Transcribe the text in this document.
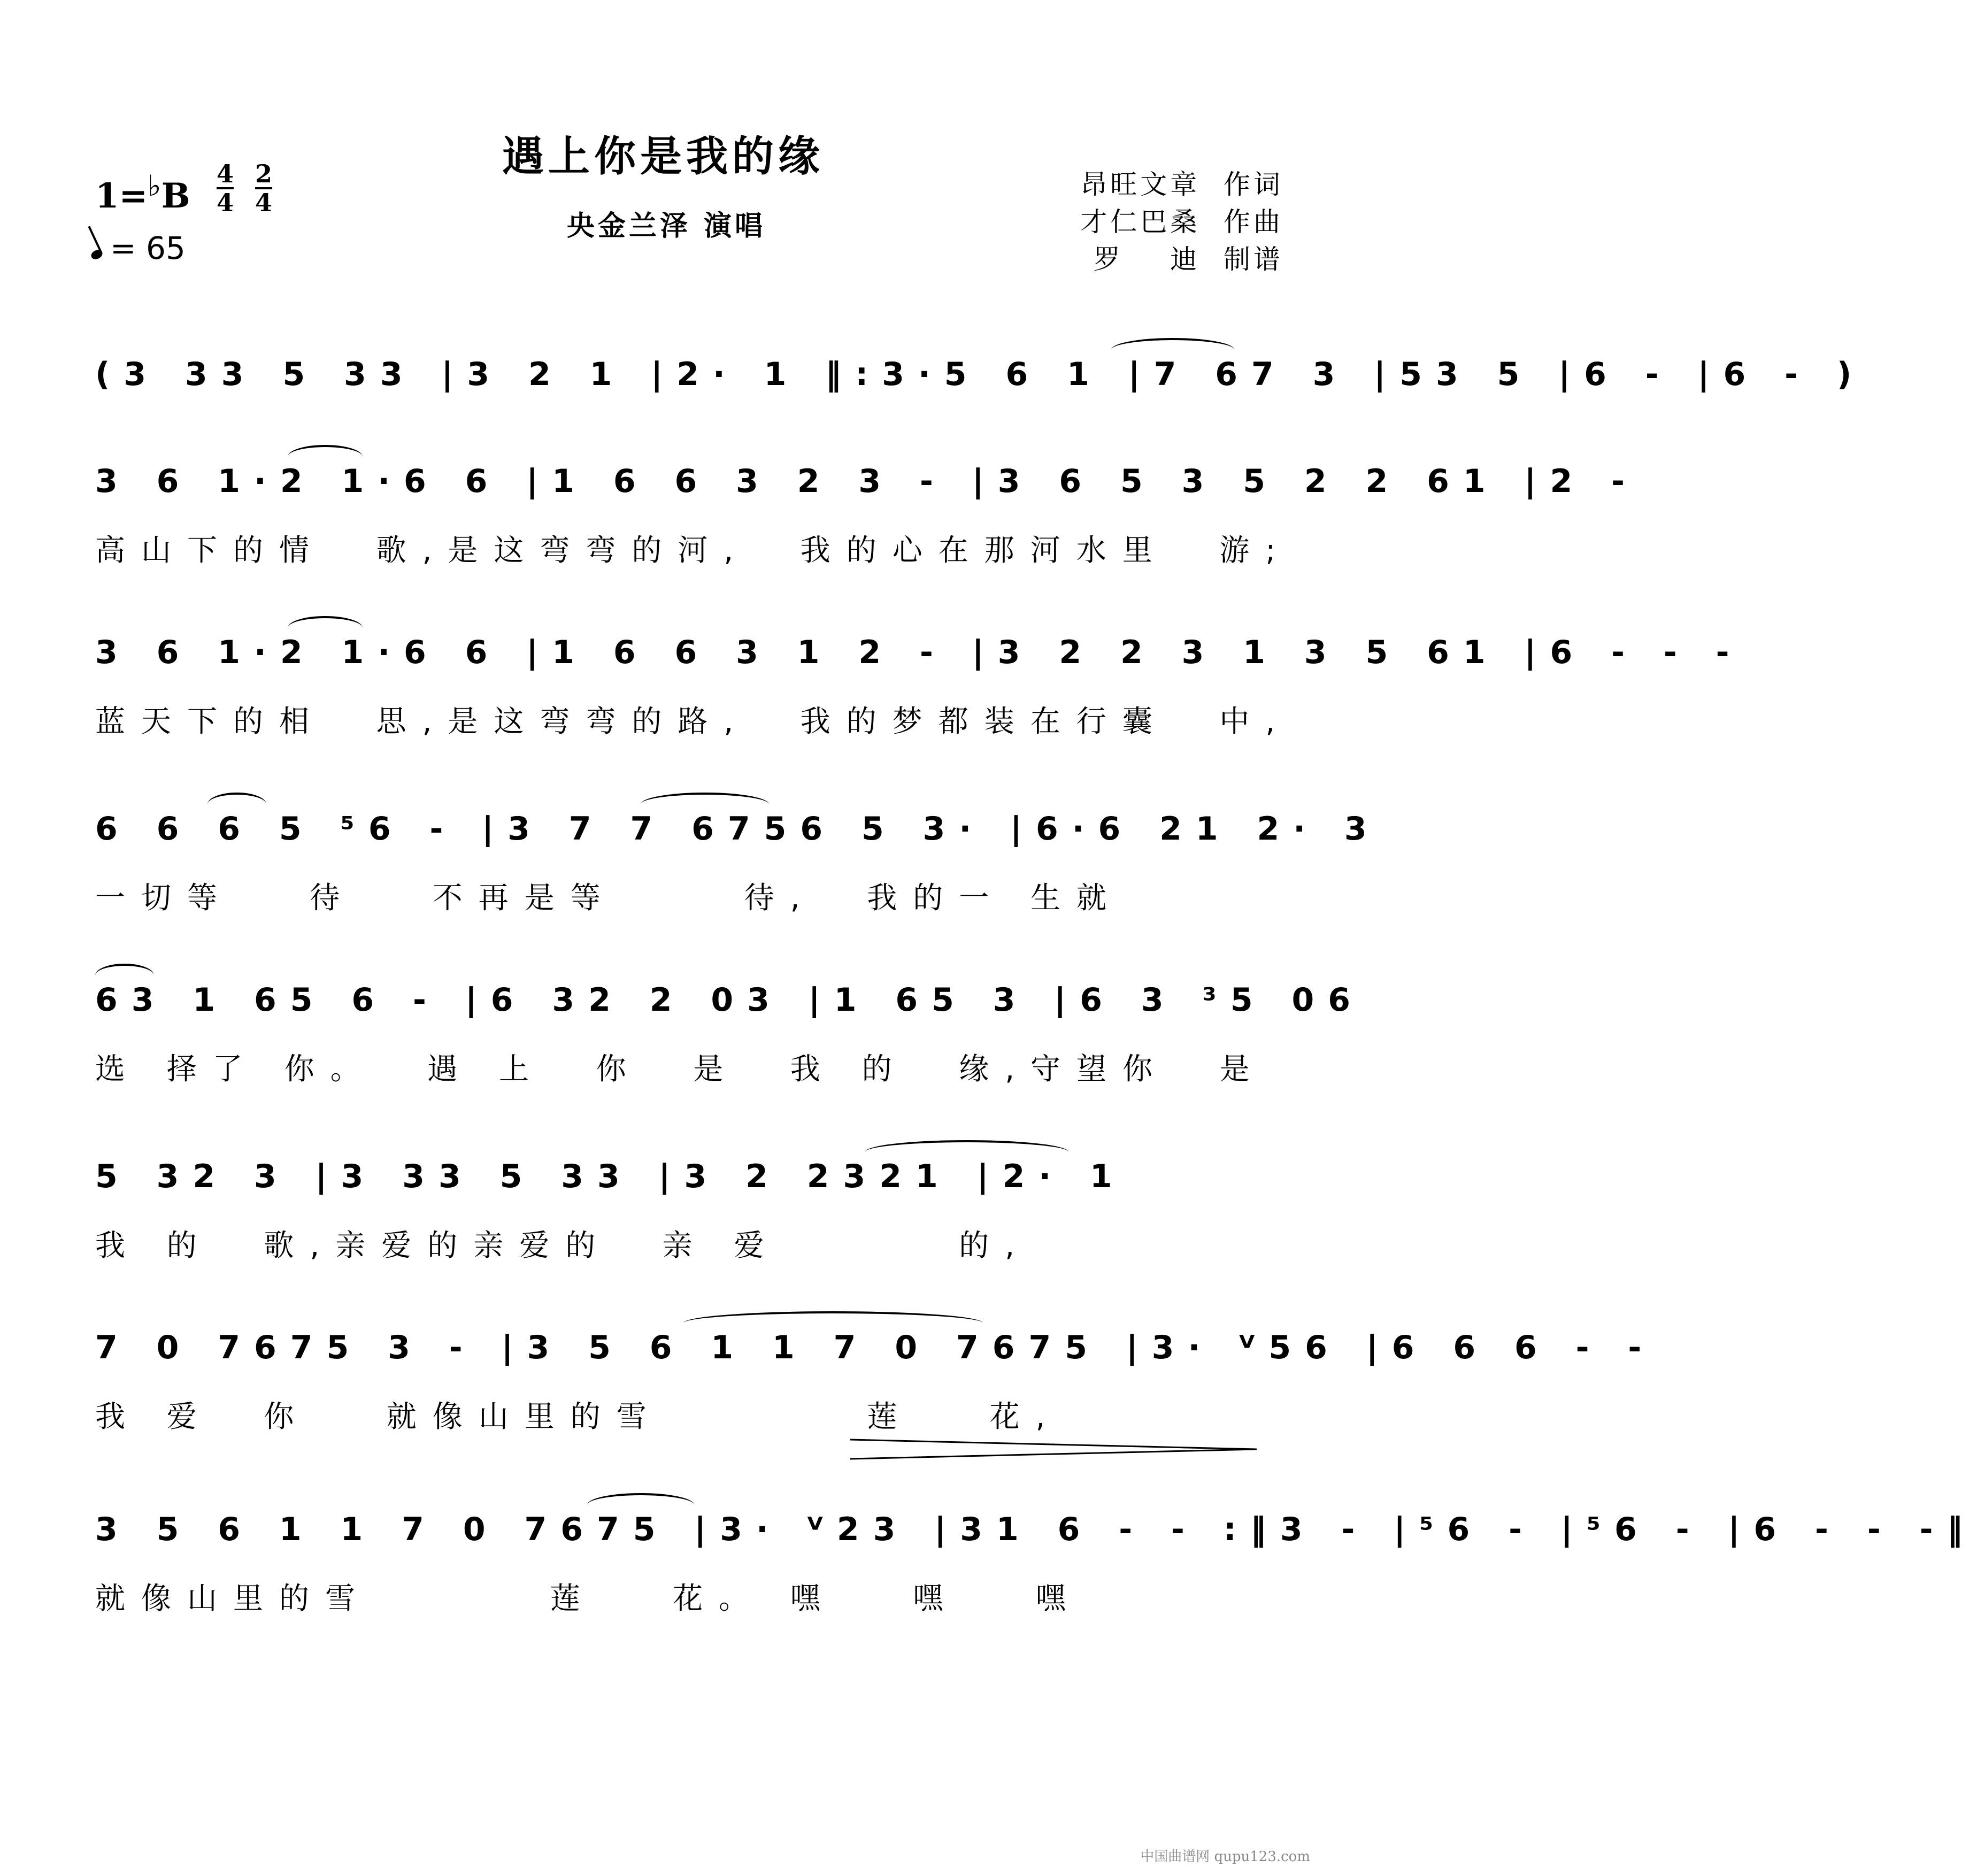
遇上你是我的缘
央金兰泽 演唱
昂旺文章  作词
才仁巴桑  作曲
罗    迪  制谱
$1=^♭B \frac{4}{4} \frac{2}{4}$
= 65
(3 33 5 33 |3 2 1 |2· 1 ‖:3·5 6 1 |7 67 3 |53 5 |6 - |6 - )
3 6 1·2 1·6 6 |1 6 6 3 2 3 - |3 6 5 3 5 2 2 61 |2 -
高山下的情  歌,是这弯弯的河,  我的心在那河水里  游;
3 6 1·2 1·6 6 |1 6 6 3 1 2 - |3 2 2 3 1 3 5 61 |6 - - -
蓝天下的相  思,是这弯弯的路,  我的梦都装在行囊  中,
6 6 6 5 ⁵6 - |3 7 7 6756 5 3· |6·6 21 2· 3
一切等   待   不再是等     待,  我的一 生就
63 1 65 6 - |6 32 2 03 |1 65 3 |6 3 ³5 06
选 择了 你。  遇 上  你  是  我 的  缘,守望你  是
5 32 3 |3 33 5 33 |3 2 2321 |2· 1
我 的  歌,亲爱的亲爱的  亲 爱       的,
7 0 7675 3 - |3 5 6 1 1 7 0 7675 |3· ⱽ56 |6 6 6 - -
我 爱  你   就像山里的雪        莲   花,
3 5 6 1 1 7 0 7675 |3· ⱽ23 |31 6 - - :‖3 - |⁵6 - |⁵6 - |6 - - -‖
就像山里的雪       莲   花。 嘿   嘿   嘿
中国曲谱网 qupu123.com
